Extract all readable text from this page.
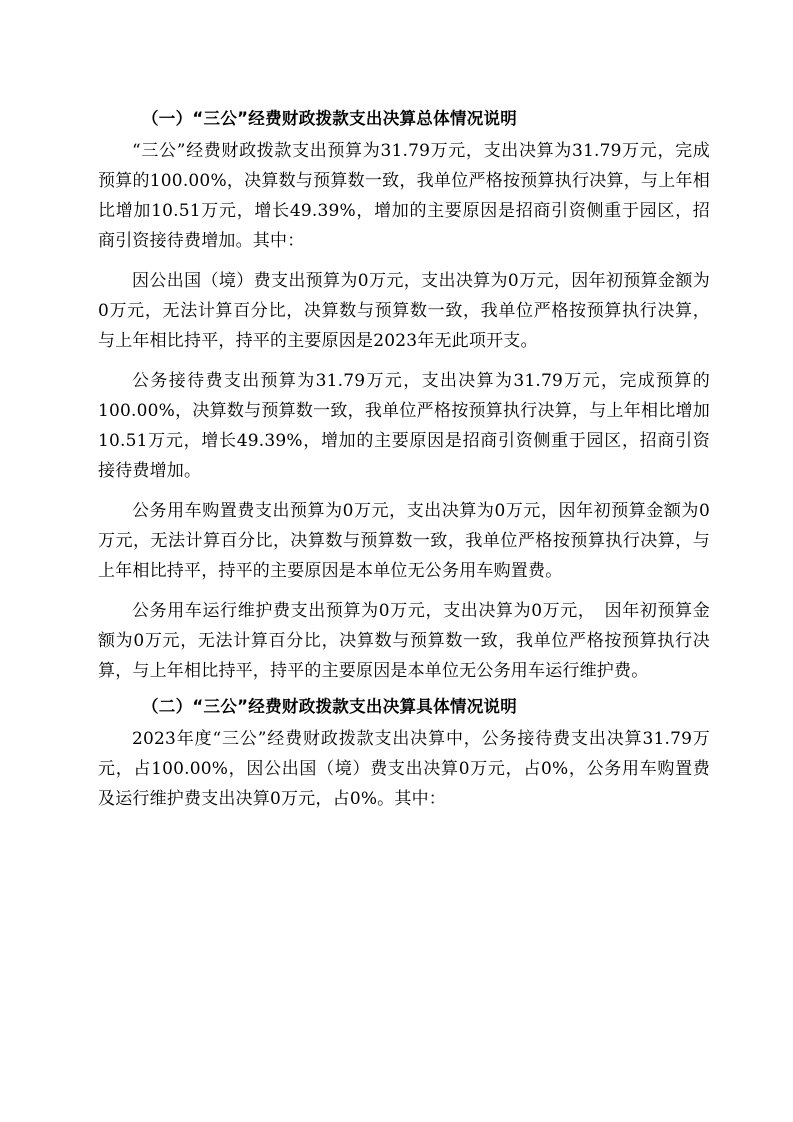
（一）“三公”经费财政拨款支出决算总体情况说明

“三公”经费财政拨款支出预算为31.79万元，支出决算为31.79万元，完成预算的100.00%，决算数与预算数一致，我单位严格按预算执行决算，与上年相比增加10.51万元，增长49.39%，增加的主要原因是招商引资侧重于园区，招商引资接待费增加。其中：

因公出国（境）费支出预算为0万元，支出决算为0万元，因年初预算金额为0万元，无法计算百分比，决算数与预算数一致，我单位严格按预算执行决算，与上年相比持平，持平的主要原因是2023年无此项开支。

公务接待费支出预算为31.79万元，支出决算为31.79万元，完成预算的100.00%，决算数与预算数一致，我单位严格按预算执行决算，与上年相比增加10.51万元，增长49.39%，增加的主要原因是招商引资侧重于园区，招商引资接待费增加。

公务用车购置费支出预算为0万元，支出决算为0万元，因年初预算金额为0万元，无法计算百分比，决算数与预算数一致，我单位严格按预算执行决算，与上年相比持平，持平的主要原因是本单位无公务用车购置费。

公务用车运行维护费支出预算为0万元，支出决算为0万元，　因年初预算金额为0万元，无法计算百分比，决算数与预算数一致，我单位严格按预算执行决算，与上年相比持平，持平的主要原因是本单位无公务用车运行维护费。

（二）“三公”经费财政拨款支出决算具体情况说明

2023年度“三公”经费财政拨款支出决算中，公务接待费支出决算31.79万元，占100.00%，因公出国（境）费支出决算0万元，占0%，公务用车购置费及运行维护费支出决算0万元，占0%。其中：
